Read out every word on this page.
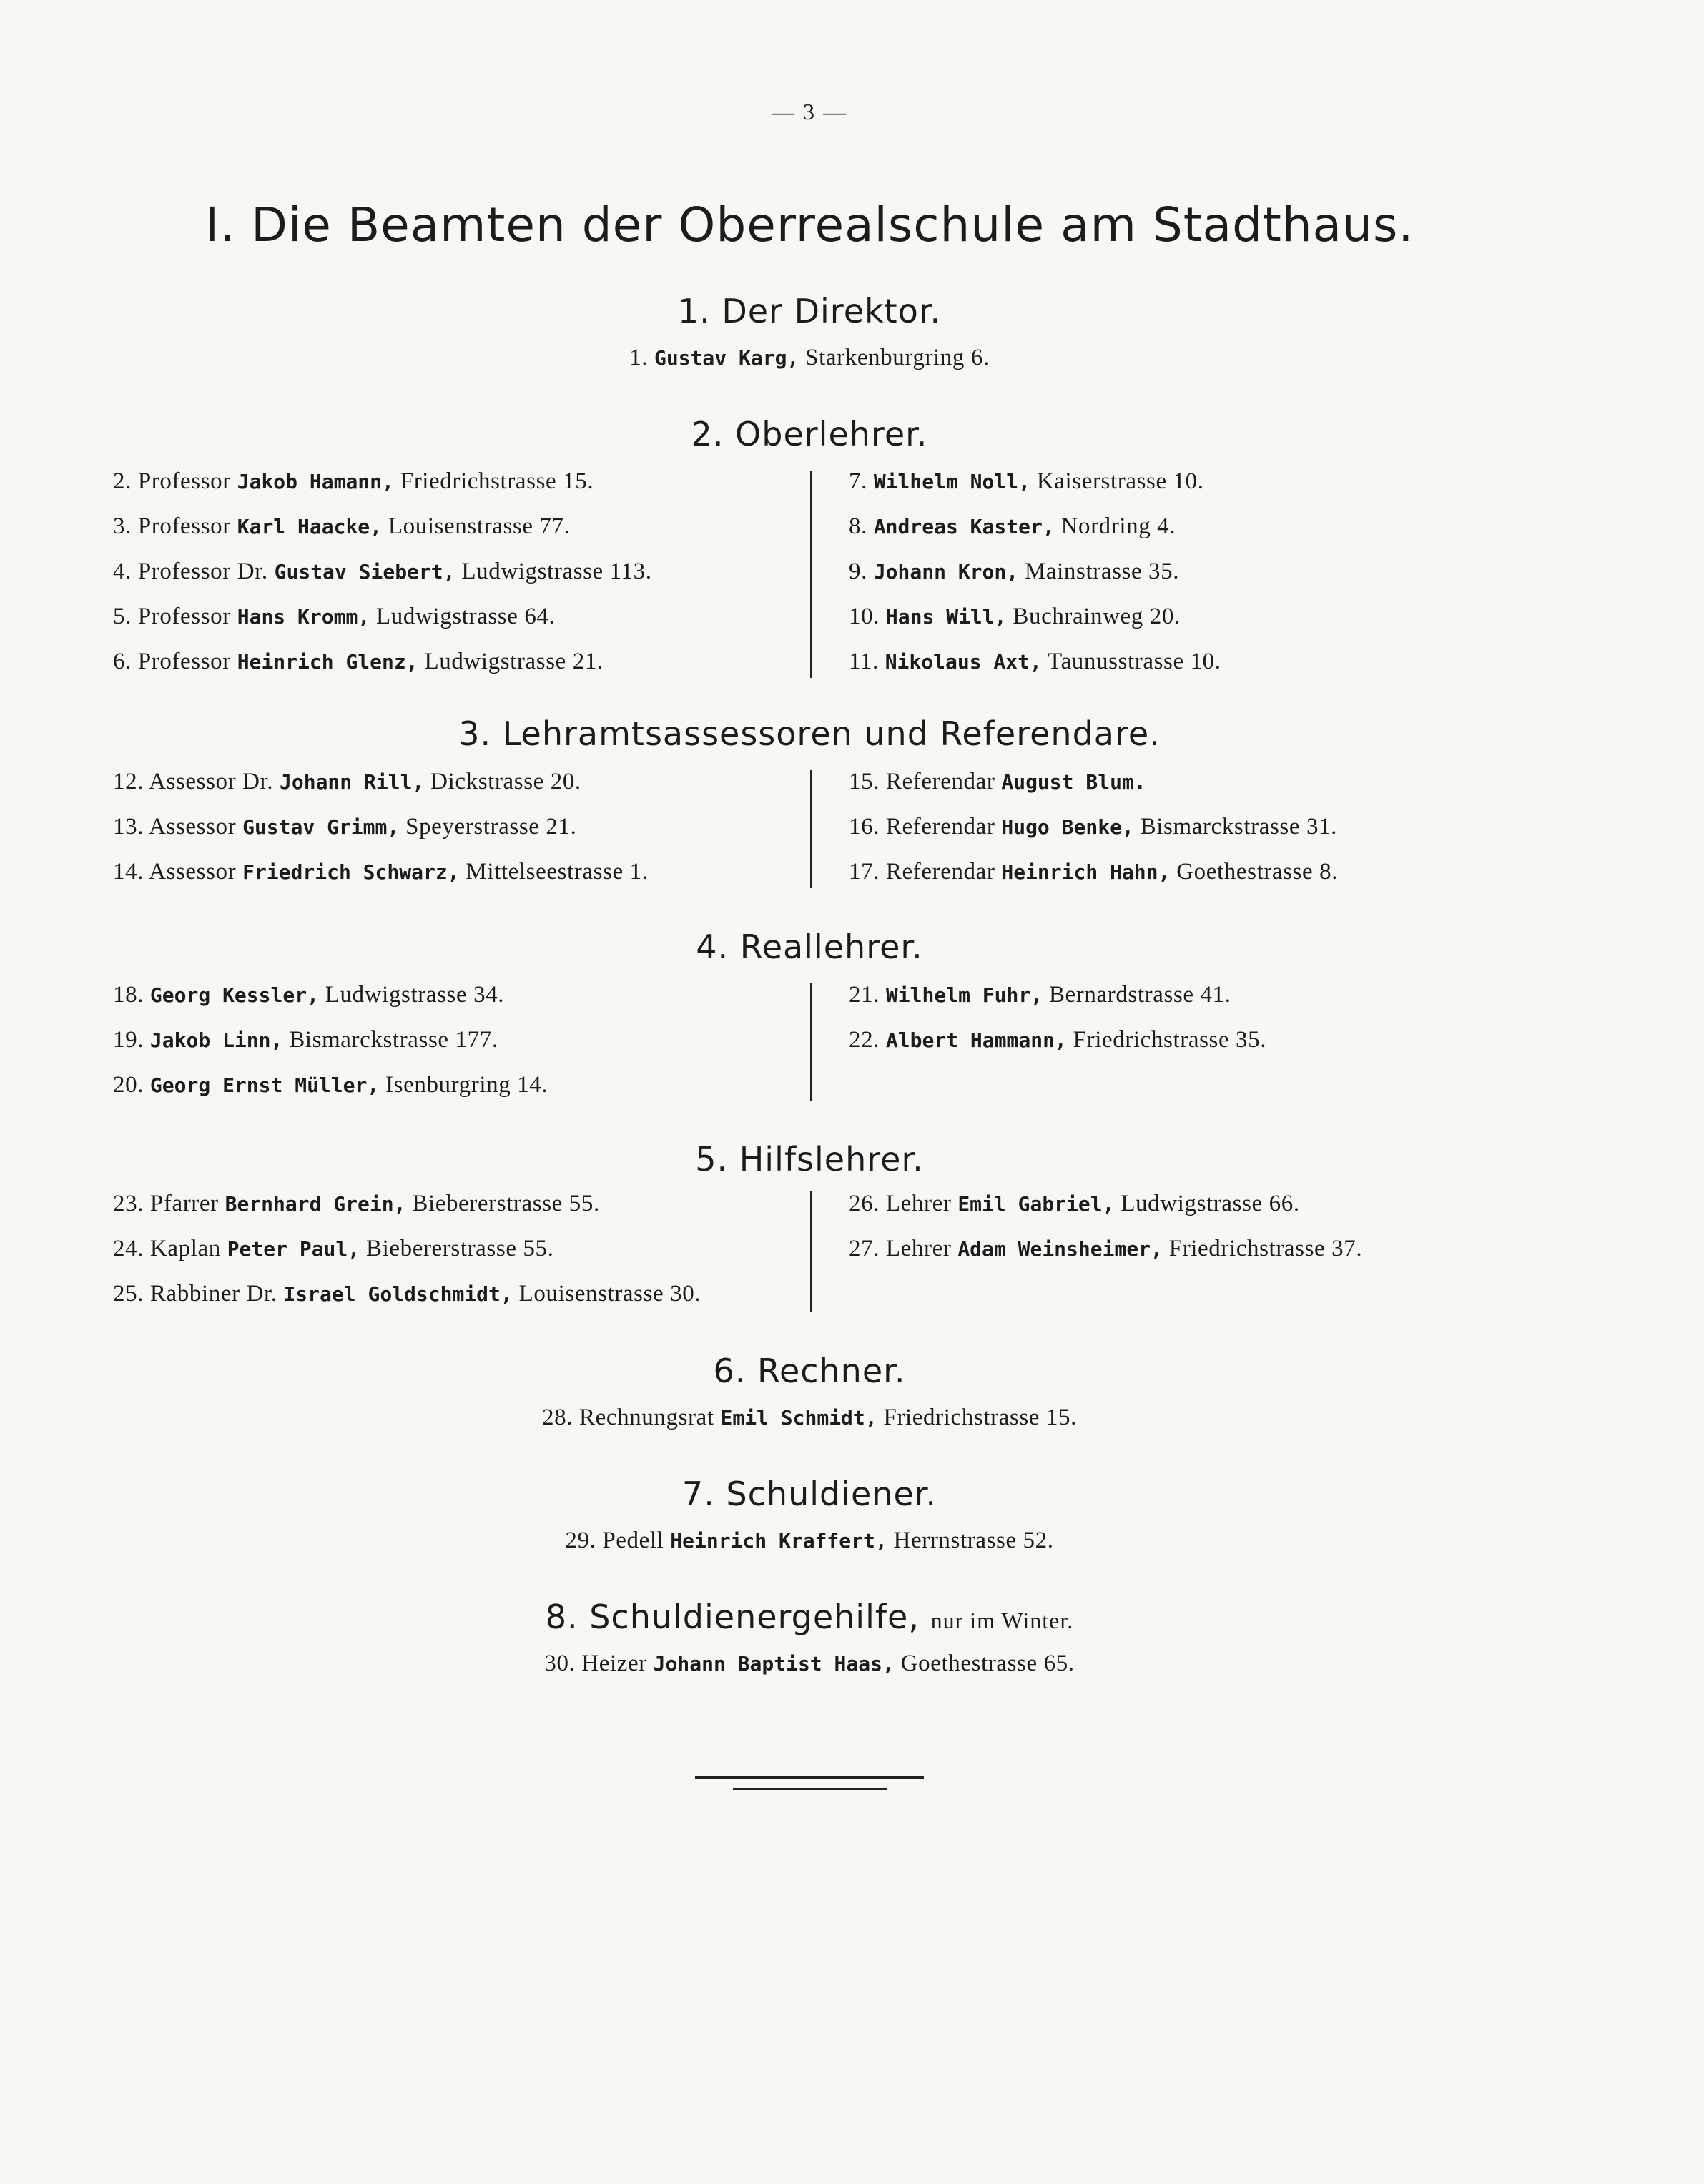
— 3 —
I. Die Beamten der Oberrealschule am Stadthaus.
1. Der Direktor.
1. Gustav Karg, Starkenburgring 6.
2. Oberlehrer.
2. Professor Jakob Hamann, Friedrichstrasse 15.
3. Professor Karl Haacke, Louisenstrasse 77.
4. Professor Dr. Gustav Siebert, Ludwigstrasse 113.
5. Professor Hans Kromm, Ludwigstrasse 64.
6. Professor Heinrich Glenz, Ludwigstrasse 21.
7. Wilhelm Noll, Kaiserstrasse 10.
8. Andreas Kaster, Nordring 4.
9. Johann Kron, Mainstrasse 35.
10. Hans Will, Buchrainweg 20.
11. Nikolaus Axt, Taunusstrasse 10.
3. Lehramtsassessoren und Referendare.
12. Assessor Dr. Johann Rill, Dickstrasse 20.
13. Assessor Gustav Grimm, Speyerstrasse 21.
14. Assessor Friedrich Schwarz, Mittelseestrasse 1.
15. Referendar August Blum.
16. Referendar Hugo Benke, Bismarckstrasse 31.
17. Referendar Heinrich Hahn, Goethestrasse 8.
4. Reallehrer.
18. Georg Kessler, Ludwigstrasse 34.
19. Jakob Linn, Bismarckstrasse 177.
20. Georg Ernst Müller, Isenburgring 14.
21. Wilhelm Fuhr, Bernardstrasse 41.
22. Albert Hammann, Friedrichstrasse 35.
5. Hilfslehrer.
23. Pfarrer Bernhard Grein, Biebererstrasse 55.
24. Kaplan Peter Paul, Biebererstrasse 55.
25. Rabbiner Dr. Israel Goldschmidt, Louisenstrasse 30.
26. Lehrer Emil Gabriel, Ludwigstrasse 66.
27. Lehrer Adam Weinsheimer, Friedrichstrasse 37.
6. Rechner.
28. Rechnungsrat Emil Schmidt, Friedrichstrasse 15.
7. Schuldiener.
29. Pedell Heinrich Kraffert, Herrnstrasse 52.
8. Schuldienergehilfe, nur im Winter.
30. Heizer Johann Baptist Haas, Goethestrasse 65.
